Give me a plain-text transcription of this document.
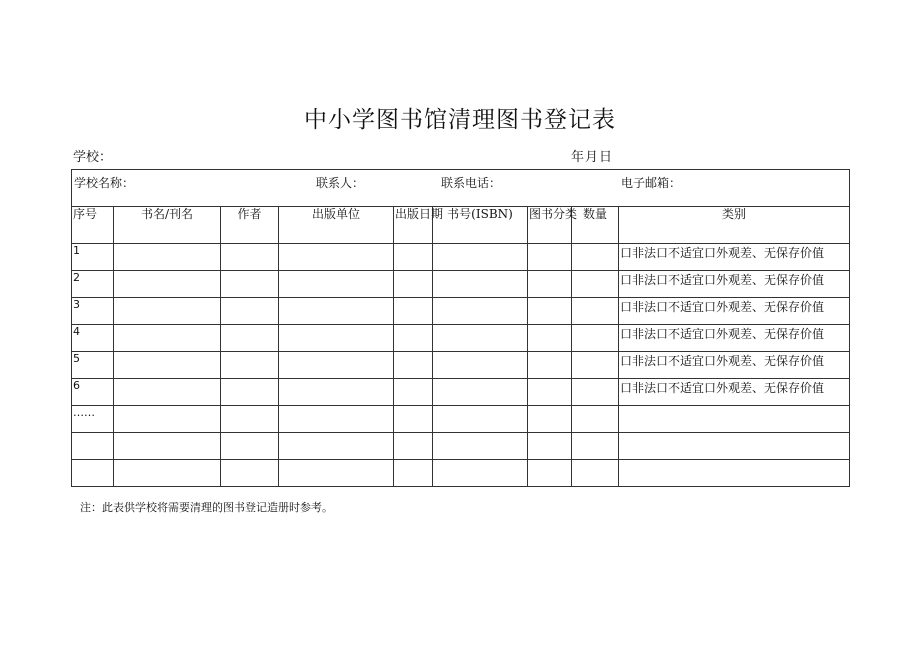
中小学图书馆清理图书登记表
学校：	年月日
学校名称： 联系人： 联系电话： 电子邮箱：								

序号	书名/刊名	作者	出版单位	出版日期	书号(ISBN)	图书分类	数量	类别
1								口非法口不适宜口外观差、无保存价值
2								口非法口不适宜口外观差、无保存价值
3								口非法口不适宜口外观差、无保存价值
4								口非法口不适宜口外观差、无保存价值
5								口非法口不适宜口外观差、无保存价值
6								口非法口不适宜口外观差、无保存价值
……								

注：此表供学校将需要清理的图书登记造册时参考。
